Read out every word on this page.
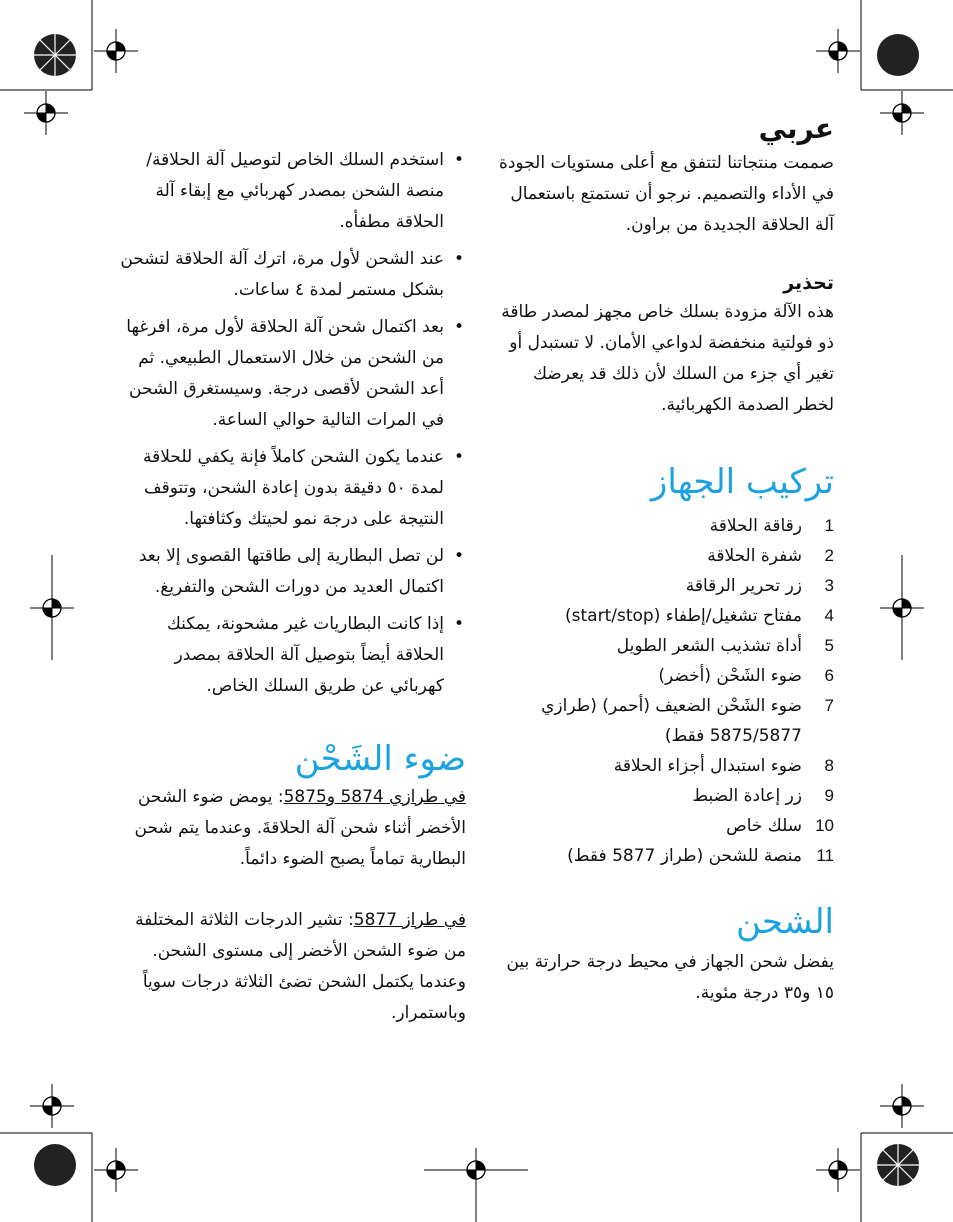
عربي

صممت منتجاتنا لتتفق مع أعلى مستويات الجودة في الأداء والتصميم. نرجو أن تستمتع باستعمال آلة الحلاقة الجديدة من براون.

تحذير

هذه الآلة مزودة بسلك خاص مجهز لمصدر طاقة ذو فولتية منخفضة لدواعي الأمان. لا تستبدل أو تغير أي جزء من السلك لأن ذلك قد يعرضك لخطر الصدمة الكهربائية.

تركيب الجهاز
1
رقاقة الحلاقة
2
شفرة الحلاقة
3
زر تحرير الرقاقة
4
مفتاح تشغيل/إطفاء (start/stop)
5
أداة تشذيب الشعر الطويل
6
ضوء الشَحْن (أخضر)
7
ضوء الشَحْن الضعيف (أحمر) (طرازي 5875/5877 فقط)
8
ضوء استبدال أجزاء الحلاقة
9
زر إعادة الضبط
10
سلك خاص
11
منصة للشحن (طراز 5877 فقط)
الشحن

يفضل شحن الجهاز في محيط درجة حرارتة بين ١٥ و٣٥ درجة مئوية.

•
استخدم السلك الخاص لتوصيل آلة الحلاقة/ منصة الشحن بمصدر كهربائي مع إبقاء آلة الحلاقة مطفأه.
•
عند الشحن لأول مرة، اترك آلة الحلاقة لتشحن بشكل مستمر لمدة ٤ ساعات.
•
بعد اكتمال شحن آلة الحلاقة لأول مرة، افرغها من الشحن من خلال الاستعمال الطبيعي. ثم أعد الشحن لأقصى درجة. وسيستغرق الشحن في المرات التالية حوالي الساعة.
•
عندما يكون الشحن كاملاً فإنة يكفي للحلاقة لمدة ٥٠ دقيقة بدون إعادة الشحن، وتتوقف النتيجة على درجة نمو لحيتك وكثافتها.
•
لن تصل البطارية إلى طاقتها القصوى إلا بعد اكتمال العديد من دورات الشحن والتفريغ.
•
إذا كانت البطاريات غير مشحونة، يمكنك الحلاقة أيضاً بتوصيل آلة الحلاقة بمصدر كهربائي عن طريق السلك الخاص.
ضوء الشَحْن

في طرازي 5874 و5875: يومض ضوء الشحن الأخضر أثناء شحن آلة الحلاقةَ. وعندما يتم شحن البطارية تماماً يصبح الضوء دائماً.

في طراز 5877: تشير الدرجات الثلاثة المختلفة من ضوء الشحن الأخضر إلى مستوى الشحن. وعندما يكتمل الشحن تضئ الثلاثة درجات سوياً وباستمرار.
